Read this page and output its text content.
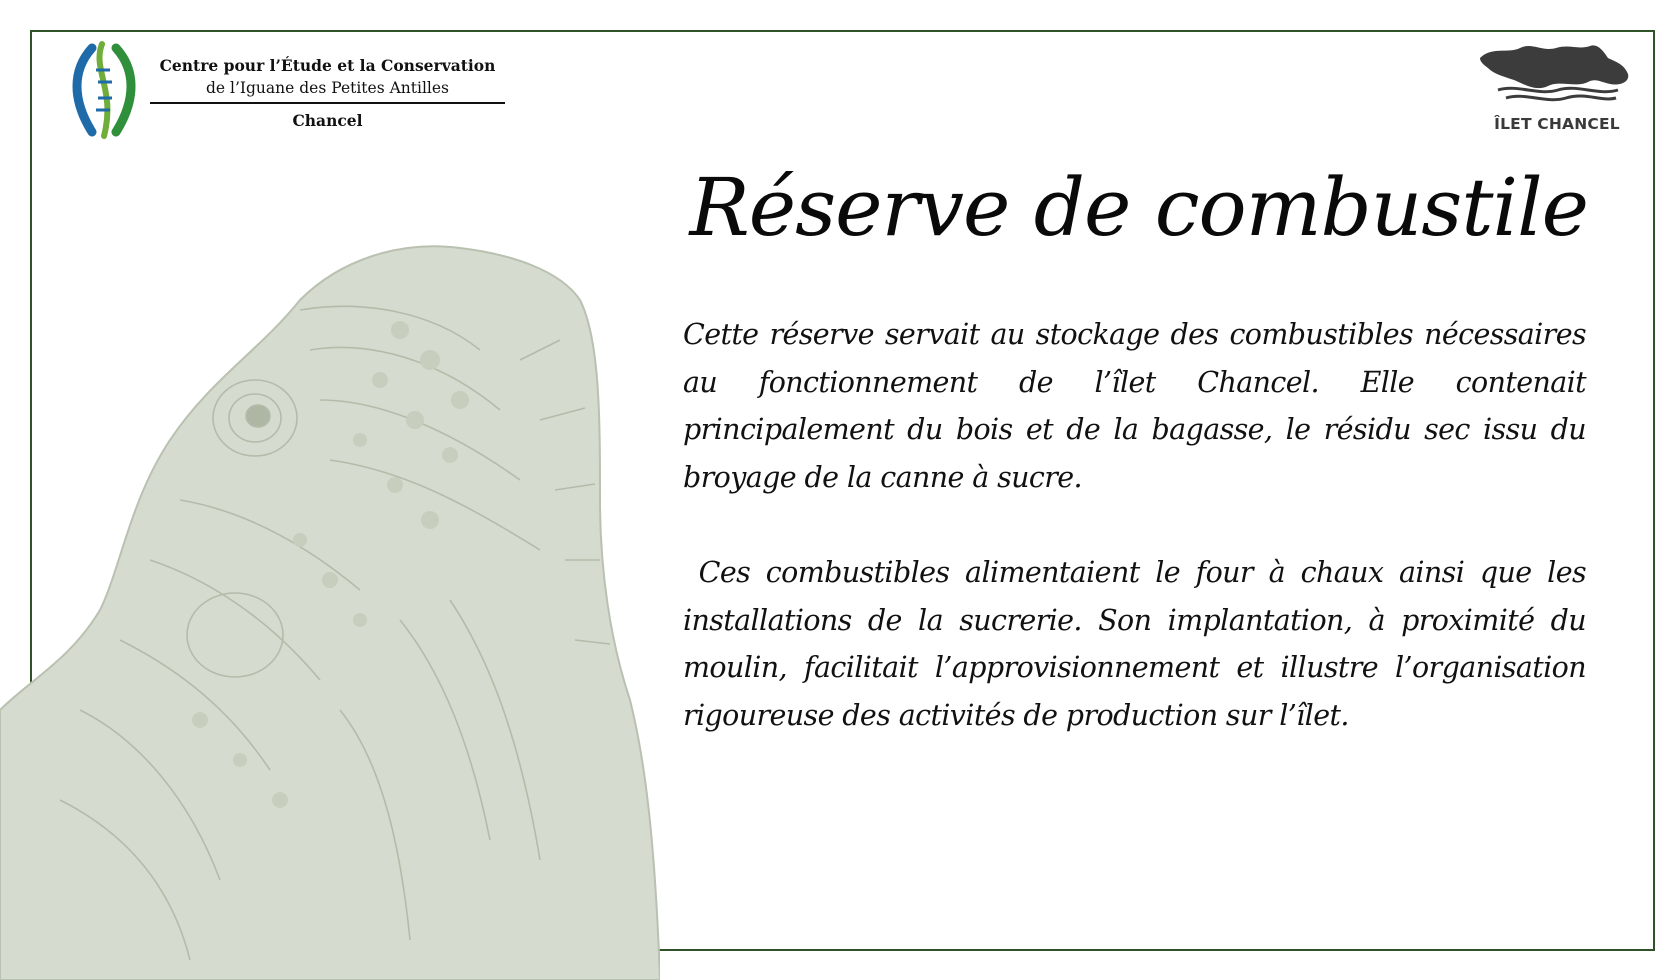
Centre pour l’Étude et la Conservation
de l’Iguane des Petites Antilles
Chancel	ÎLET CHANCEL
Réserve de combustile

Cette réserve servait au stockage des combustibles nécessaires au fonctionnement de l’îlet Chancel. Elle contenait principalement du bois et de la bagasse, le résidu sec issu du broyage de la canne à sucre.

Ces combustibles alimentaient le four à chaux ainsi que les installations de la sucrerie. Son implantation, à proximité du moulin, facilitait l’approvisionnement et illustre l’organisation rigoureuse des activités de production sur l’îlet.
